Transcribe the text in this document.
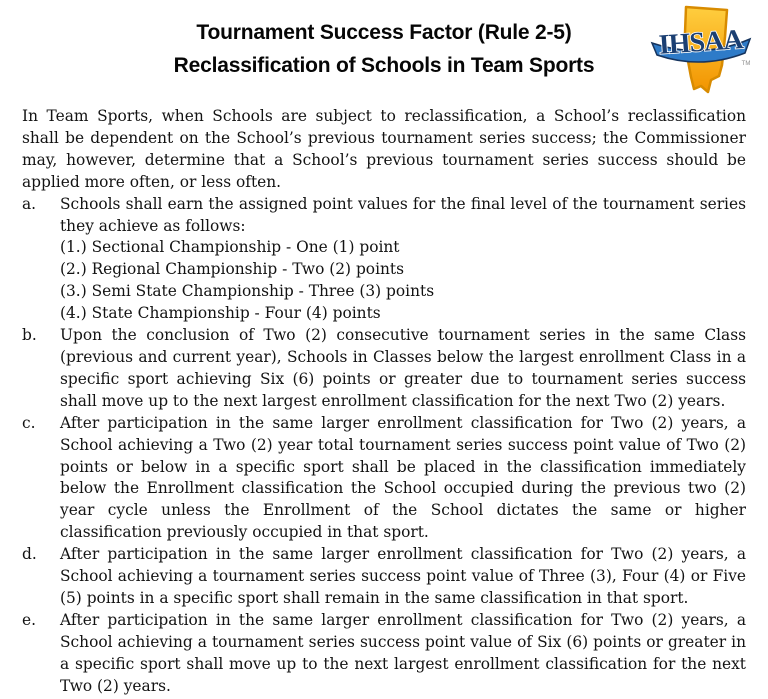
Tournament Success Factor (Rule 2-5)
Reclassification of Schools in Team Sports
IHSAA
TM

In Team Sports, when Schools are subject to reclassification, a School’s reclassification shall be dependent on the School’s previous tournament series success; the Commissioner may, however, determine that a School’s previous tournament series success should be applied more often, or less often.

a.	Schools shall earn the assigned point values for the final level of the tournament series they achieve as follows:
(1.) Sectional Championship - One (1) point
(2.) Regional Championship - Two (2) points
(3.) Semi State Championship - Three (3) points
(4.) State Championship - Four (4) points
b.	Upon the conclusion of Two (2) consecutive tournament series in the same Class (previous and current year), Schools in Classes below the largest enrollment Class in a specific sport achieving Six (6) points or greater due to tournament series success shall move up to the next largest enrollment classification for the next Two (2) years.
c.	After participation in the same larger enrollment classification for Two (2) years, a School achieving a Two (2) year total tournament series success point value of Two (2) points or below in a specific sport shall be placed in the classification immediately below the Enrollment classification the School occupied during the previous two (2) year cycle unless the Enrollment of the School dictates the same or higher classification previously occupied in that sport.
d.	After participation in the same larger enrollment classification for Two (2) years, a School achieving a tournament series success point value of Three (3), Four (4) or Five (5) points in a specific sport shall remain in the same classification in that sport.
e.	After participation in the same larger enrollment classification for Two (2) years, a School achieving a tournament series success point value of Six (6) points or greater in a specific sport shall move up to the next largest enrollment classification for the next Two (2) years.
